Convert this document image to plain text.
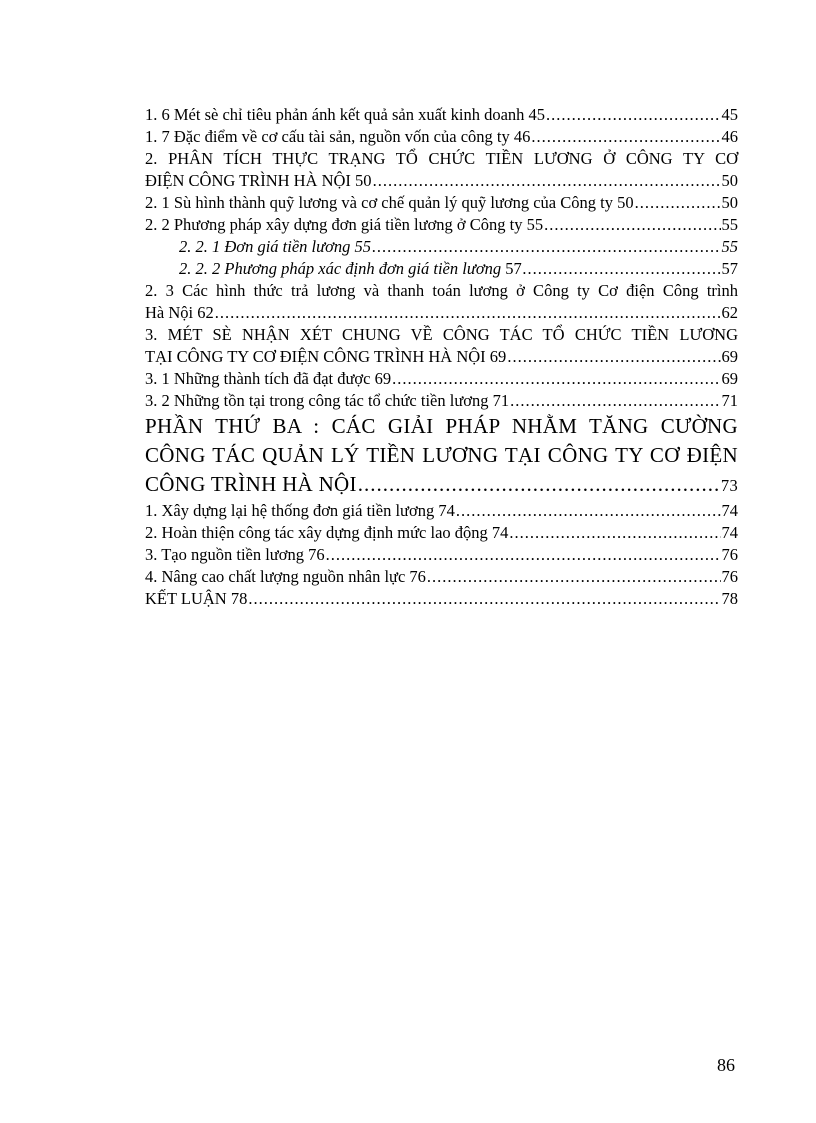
1. 6 Mét sè chỉ tiêu phản ánh kết quả sản xuất kinh doanh 45 .....	45
1. 7 Đặc điểm về cơ cấu tài sản, nguồn vốn của công ty 46 .....	46
2. PHÂN TÍCH THỰC TRẠNG TỔ CHỨC TIỀN LƯƠNG Ở CÔNG TY CƠ
ĐIỆN CÔNG TRÌNH HÀ NỘI 50 .....	50
2. 1 Sù hình thành quỹ lương và cơ chế quản lý quỹ lương của Công ty 50 .....	50
2. 2 Phương pháp xây dựng đơn giá tiền lương ở Công ty 55 .....	55
2. 2. 1 Đơn giá tiền lương 55 .....	55
2. 2. 2 Phương pháp xác định đơn giá tiền lương 57 .....	57
2. 3 Các hình thức trả lương và thanh toán lương ở Công ty Cơ điện Công trình
Hà Nội 62 .....	62
3. MÉT SÈ NHẬN XÉT CHUNG VỀ CÔNG TÁC TỔ CHỨC TIỀN LƯƠNG
TẠI CÔNG TY CƠ ĐIỆN CÔNG TRÌNH HÀ NỘI 69 .....	69
3. 1 Những thành tích đã đạt được 69 .....	69
3. 2 Những tồn tại trong công tác tổ chức tiền lương 71 .....	71
PHẦN THỨ BA : CÁC GIẢI PHÁP NHẰM TĂNG CƯỜNG
CÔNG TÁC QUẢN LÝ TIỀN LƯƠNG TẠI CÔNG TY CƠ ĐIỆN
CÔNG TRÌNH HÀ NỘI .....	73
1. Xây dựng lại hệ thống đơn giá tiền lương 74 .....	74
2. Hoàn thiện công tác xây dựng định mức lao động 74 .....	74
3. Tạo nguồn tiền lương 76 .....	76
4. Nâng cao chất lượng nguồn nhân lực 76 .....	76
KẾT LUẬN 78 .....	78
86
